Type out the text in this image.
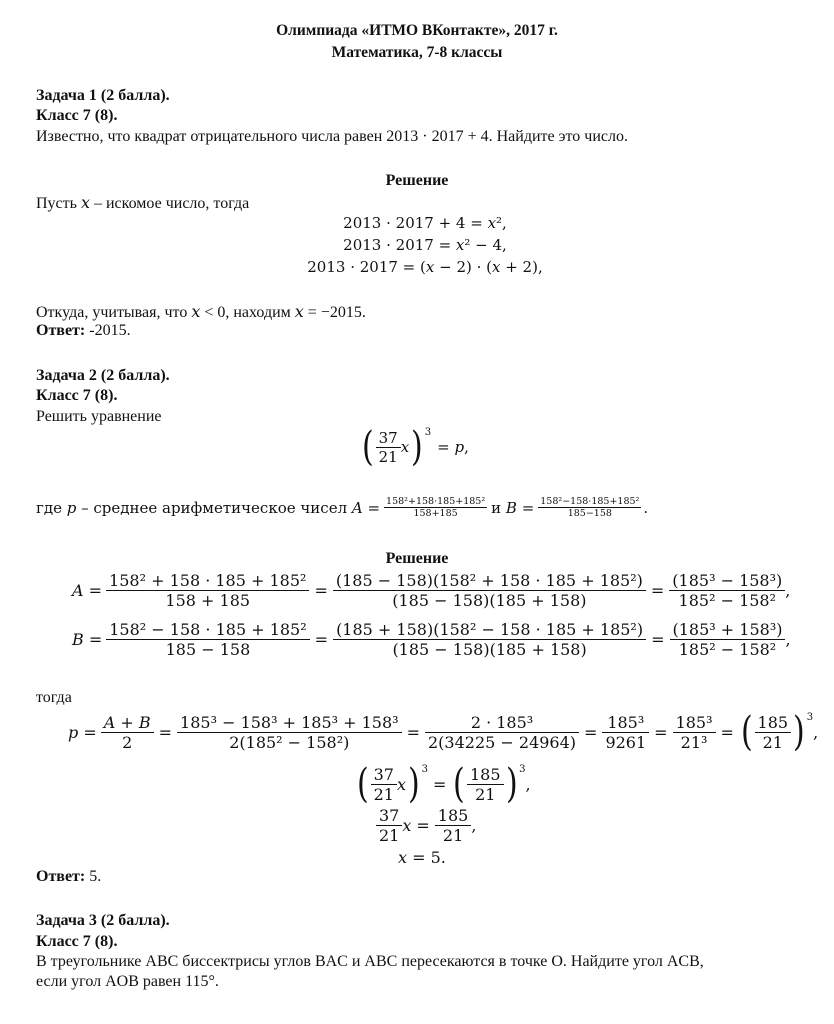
Олимпиада «ИТМО ВКонтакте», 2017 г.
Математика, 7-8 классы
Задача 1 (2 балла).
Класс 7 (8).
Известно, что квадрат отрицательного числа равен 2013 · 2017 + 4. Найдите это число.
Решение
Пусть 𝑥 – искомое число, тогда
2013 · 2017 + 4 = 𝑥²,
2013 · 2017 = 𝑥² − 4,
2013 · 2017 = (𝑥 − 2) · (𝑥 + 2),
Откуда, учитывая, что 𝑥 < 0, находим 𝑥 = −2015.
Ответ: -2015.
Задача 2 (2 балла).
Класс 7 (8).
Решить уравнение
( $\frac{37}{21}$ 𝑥 )$^3$
= 𝑝,
где 𝑝 – среднее арифметическое чисел 𝐴 = $\frac{\text{158²+158·185+185²}}{158+185}$ и 𝐵 = $\frac{\text{158²−158·185+185²}}{185-158}$ .
Решение
𝐴 = $\frac{\text{158² + 158 · 185 + 185²}}{158 + 185} = \frac{\text{(185 − 158)(158² + 158 · 185 + 185²)}}{(185 - 158)(185 + 158)} = \frac{\text{(185³ − 158³)}}{\text{185² − 158²}}$ ,
𝐵 = $\frac{\text{158² − 158 · 185 + 185²}}{185 - 158} = \frac{\text{(185 + 158)(158² − 158 · 185 + 185²)}}{(185 - 158)(185 + 158)} = \frac{\text{(185³ + 158³)}}{\text{185² − 158²}}$ ,
тогда
𝑝 = $\frac{\text{𝐴 + 𝐵}}{2} = \frac{\text{185³ − 158³ + 185³ + 158³}}{\text{2(185² − 158²)}} = \frac{\text{2 · 185³}}{2(34225 - 24964)} = \frac{\text{185³}}{9261} = \frac{\text{185³}}{\text{21³}}$ = ( $\frac{185}{21} )^3$
,
( $\frac{37}{21}$ 𝑥 )$^3$
= ( $\frac{185}{21} )^3$
,
$\frac{37}{21}$ 𝑥 = $\frac{185}{21}$ ,
𝑥 = 5.
Ответ: 5.
Задача 3 (2 балла).
Класс 7 (8).
В треугольнике ABC биссектрисы углов BAC и ABC пересекаются в точке O. Найдите угол ACB,
если угол AOB равен 115°.
